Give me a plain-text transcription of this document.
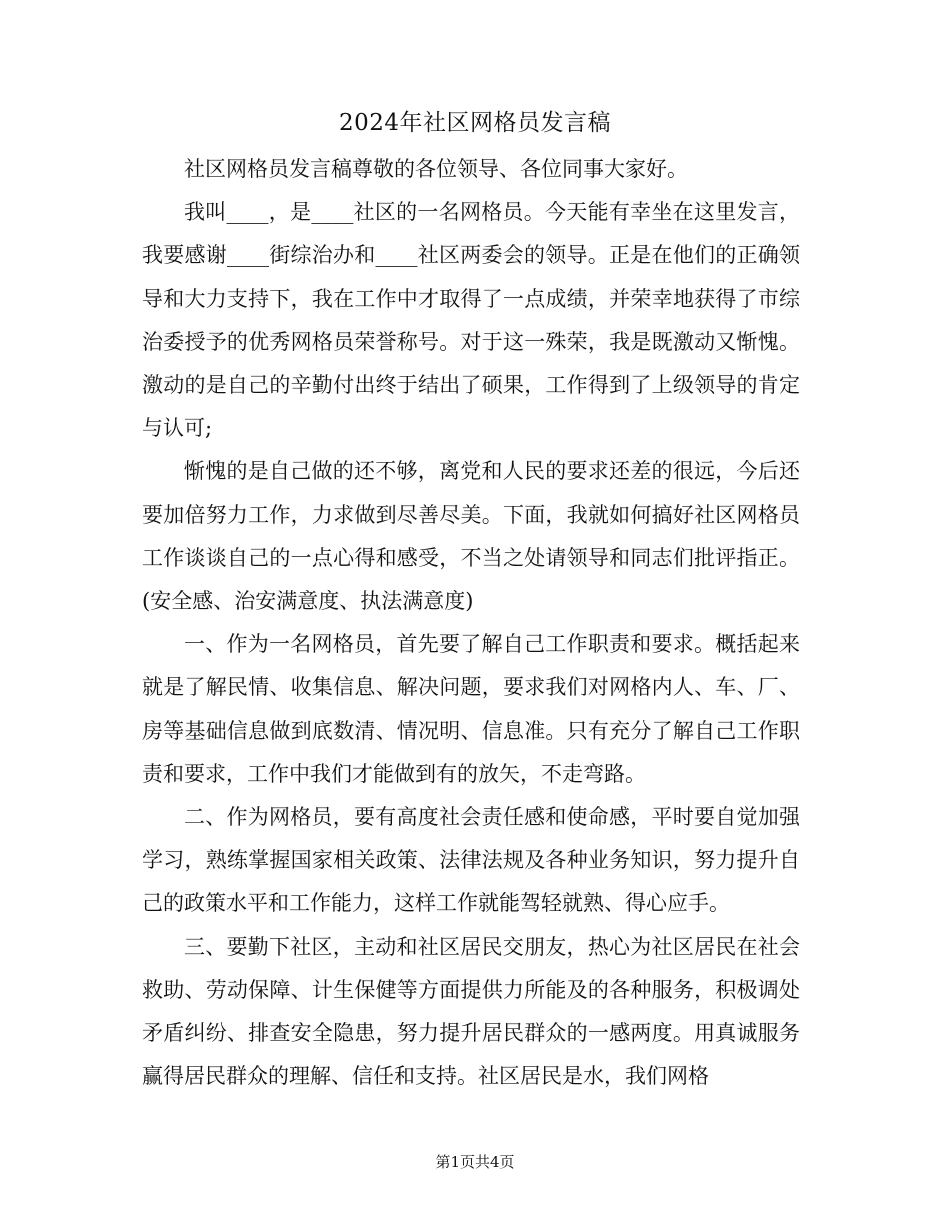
2024年社区网格员发言稿

社区网格员发言稿尊敬的各位领导、各位同事大家好。

我叫____，是____社区的一名网格员。今天能有幸坐在这里发言，我要感谢____街综治办和____社区两委会的领导。正是在他们的正确领导和大力支持下，我在工作中才取得了一点成绩，并荣幸地获得了市综治委授予的优秀网格员荣誉称号。对于这一殊荣，我是既激动又惭愧。激动的是自己的辛勤付出终于结出了硕果，工作得到了上级领导的肯定与认可;

惭愧的是自己做的还不够，离党和人民的要求还差的很远，今后还要加倍努力工作，力求做到尽善尽美。下面，我就如何搞好社区网格员工作谈谈自己的一点心得和感受，不当之处请领导和同志们批评指正。(安全感、治安满意度、执法满意度)

一、作为一名网格员，首先要了解自己工作职责和要求。概括起来就是了解民情、收集信息、解决问题，要求我们对网格内人、车、厂、房等基础信息做到底数清、情况明、信息准。只有充分了解自己工作职责和要求，工作中我们才能做到有的放矢，不走弯路。

二、作为网格员，要有高度社会责任感和使命感，平时要自觉加强学习，熟练掌握国家相关政策、法律法规及各种业务知识，努力提升自己的政策水平和工作能力，这样工作就能驾轻就熟、得心应手。

三、要勤下社区，主动和社区居民交朋友，热心为社区居民在社会救助、劳动保障、计生保健等方面提供力所能及的各种服务，积极调处矛盾纠纷、排查安全隐患，努力提升居民群众的一感两度。用真诚服务赢得居民群众的理解、信任和支持。社区居民是水，我们网格

第1页共4页
